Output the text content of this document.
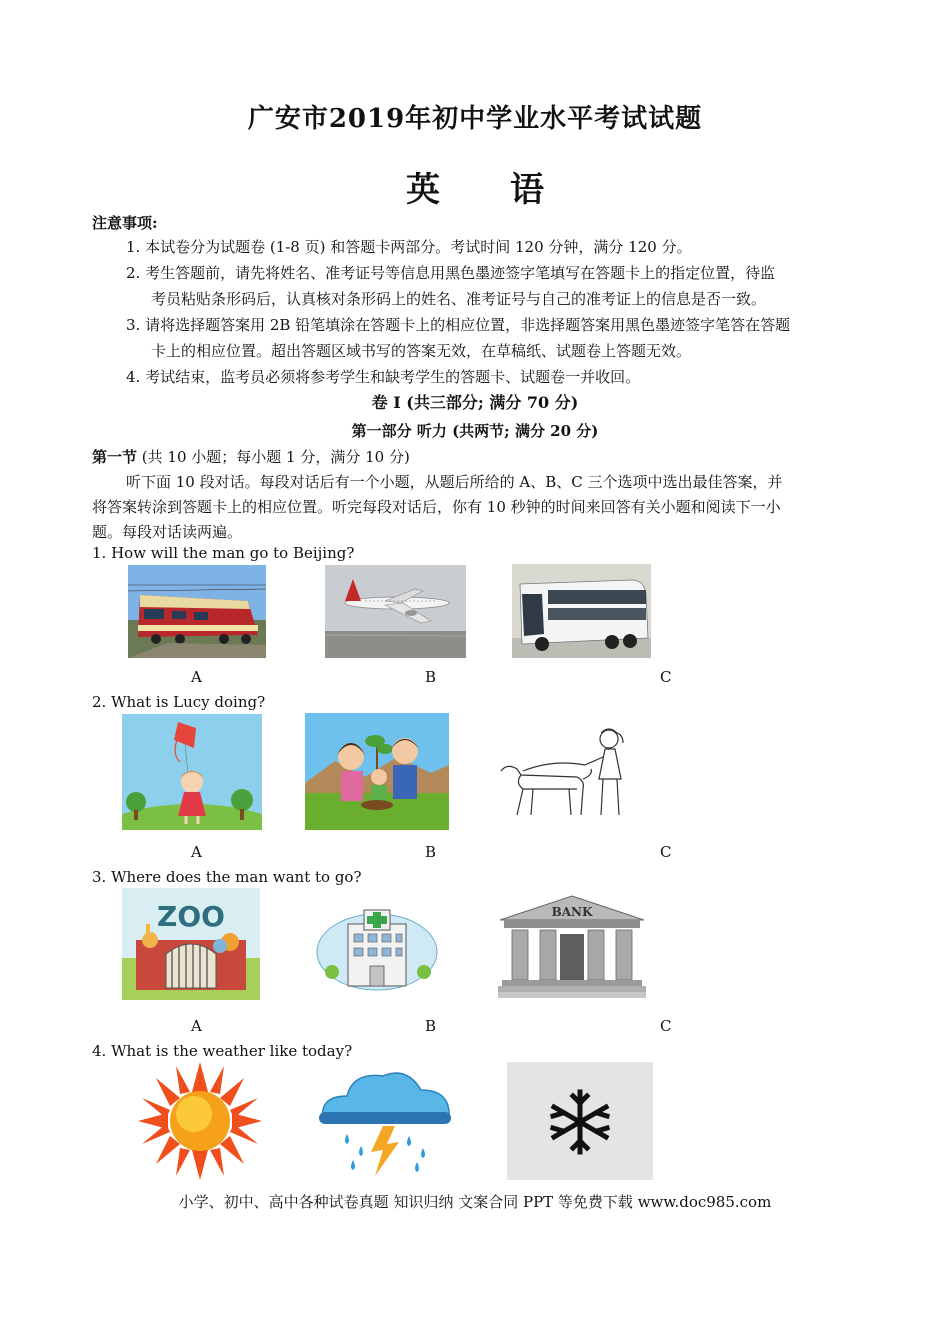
广安市2019年初中学业水平考试试题
英语
注意事项:
1. 本试卷分为试题卷 (1-8 页) 和答题卡两部分。考试时间 120 分钟，满分 120 分。
2. 考生答题前，请先将姓名、准考证号等信息用黑色墨迹签字笔填写在答题卡上的指定位置，待监
考员粘贴条形码后，认真核对条形码上的姓名、准考证号与自己的准考证上的信息是否一致。
3. 请将选择题答案用 2B 铅笔填涂在答题卡上的相应位置，非选择题答案用黑色墨迹签字笔答在答题
卡上的相应位置。超出答题区域书写的答案无效，在草稿纸、试题卷上答题无效。
4. 考试结束，监考员必须将参考学生和缺考学生的答题卡、试题卷一并收回。
卷 I (共三部分; 满分 70 分)
第一部分 听力 (共两节; 满分 20 分)
第一节 (共 10 小题；每小题 1 分，满分 10 分)
听下面 10 段对话。每段对话后有一个小题，从题后所给的 A、B、C 三个选项中选出最佳答案，并
将答案转涂到答题卡上的相应位置。听完每段对话后，你有 10 秒钟的时间来回答有关小题和阅读下一小
题。每段对话读两遍。
1. How will the man go to Beijing?
A	B	C
2. What is Lucy doing?
A	B	C
3. Where does the man want to go?
ZOO	BANK
A	B	C
4. What is the weather like today?
小学、初中、高中各种试卷真题 知识归纳 文案合同 PPT 等免费下载 www.doc985.com
